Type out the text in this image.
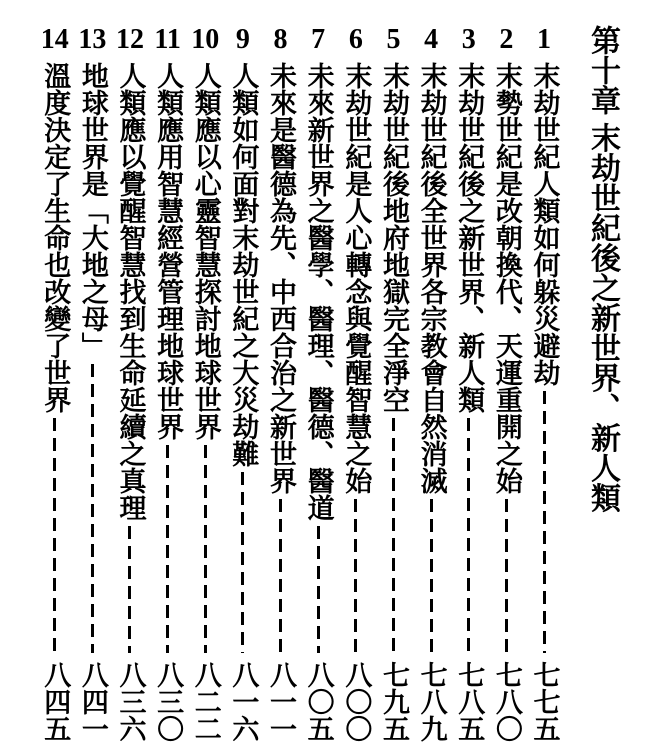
第十章 末劫世紀後之新世界、新人類
1
末劫世紀人類如何躲災避劫
七七五
2
末勢世紀是改朝換代、天運重開之始
七八〇
3
末劫世紀後之新世界、新人類
七八五
4
末劫世紀後全世界各宗教會自然消滅
七八九
5
末劫世紀後地府地獄完全淨空
七九五
6
末劫世紀是人心轉念與覺醒智慧之始
八〇〇
7
未來新世界之醫學、醫理、醫德、醫道
八〇五
8
未來是醫德為先、中西合治之新世界
八一一
9
人類如何面對末劫世紀之大災劫難
八一六
10
人類應以心靈智慧探討地球世界
八二二
11
人類應用智慧經營管理地球世界
八三〇
12
人類應以覺醒智慧找到生命延續之真理
八三六
13
地球世界是「大地之母」
八四一
14
溫度決定了生命也改變了世界
八四五
